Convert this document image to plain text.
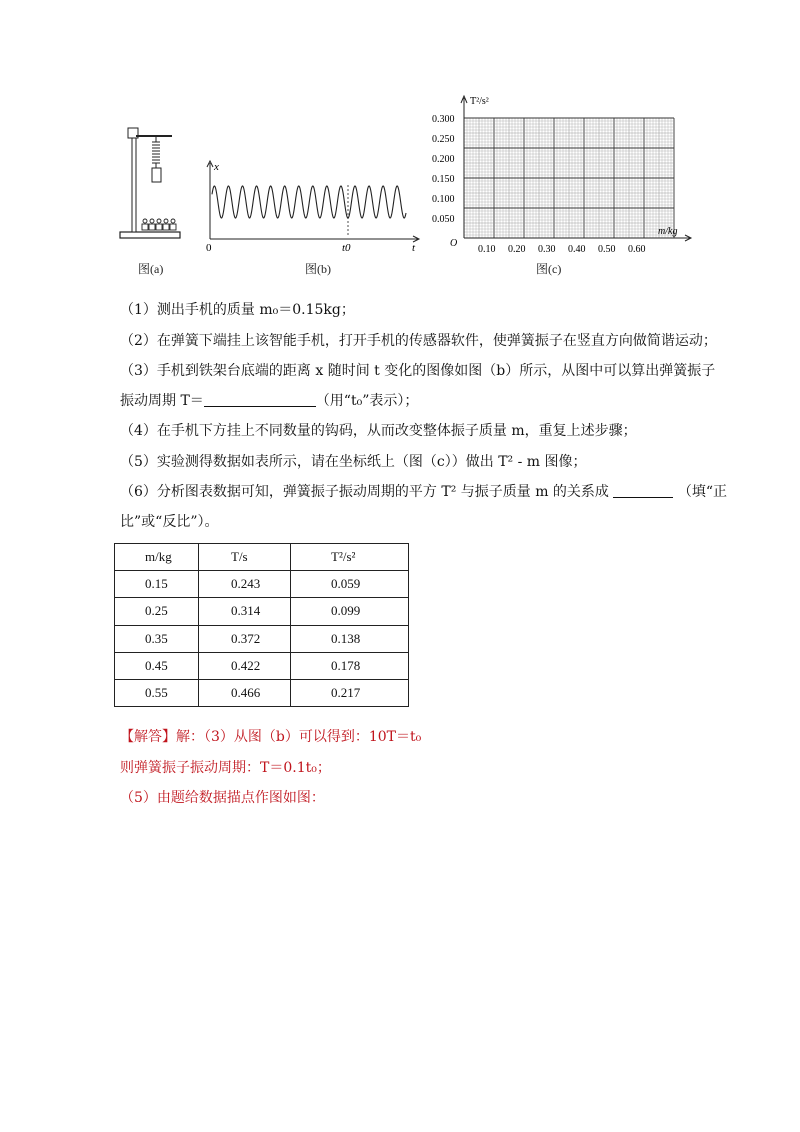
图(a)
x
0	t
t0
图(b)
T²/s²
m/kg
O
0.300
0.250
0.200
0.150
0.100
0.050
0.10 0.20 0.30 0.40 0.50 0.60
图(c)
（1）测出手机的质量 m₀＝0.15kg；
（2）在弹簧下端挂上该智能手机，打开手机的传感器软件，使弹簧振子在竖直方向做简谐运动；
（3）手机到铁架台底端的距离 x 随时间 t 变化的图像如图（b）所示，从图中可以算出弹簧振子
振动周期 T＝	（用“t₀”表示）；
（4）在手机下方挂上不同数量的钩码，从而改变整体振子质量 m，重复上述步骤；
（5）实验测得数据如表所示，请在坐标纸上（图（c））做出 T² - m 图像；
（6）分析图表数据可知，弹簧振子振动周期的平方 T² 与振子质量 m 的关系成	（填“正
比”或“反比”）。
m/kg	T/s	T²/s²
0.15	0.243	0.059
0.25	0.314	0.099
0.35	0.372	0.138
0.45	0.422	0.178
0.55	0.466	0.217
【解答】解：（3）从图（b）可以得到：10T＝t₀
则弹簧振子振动周期：T＝0.1t₀；
（5）由题给数据描点作图如图：
